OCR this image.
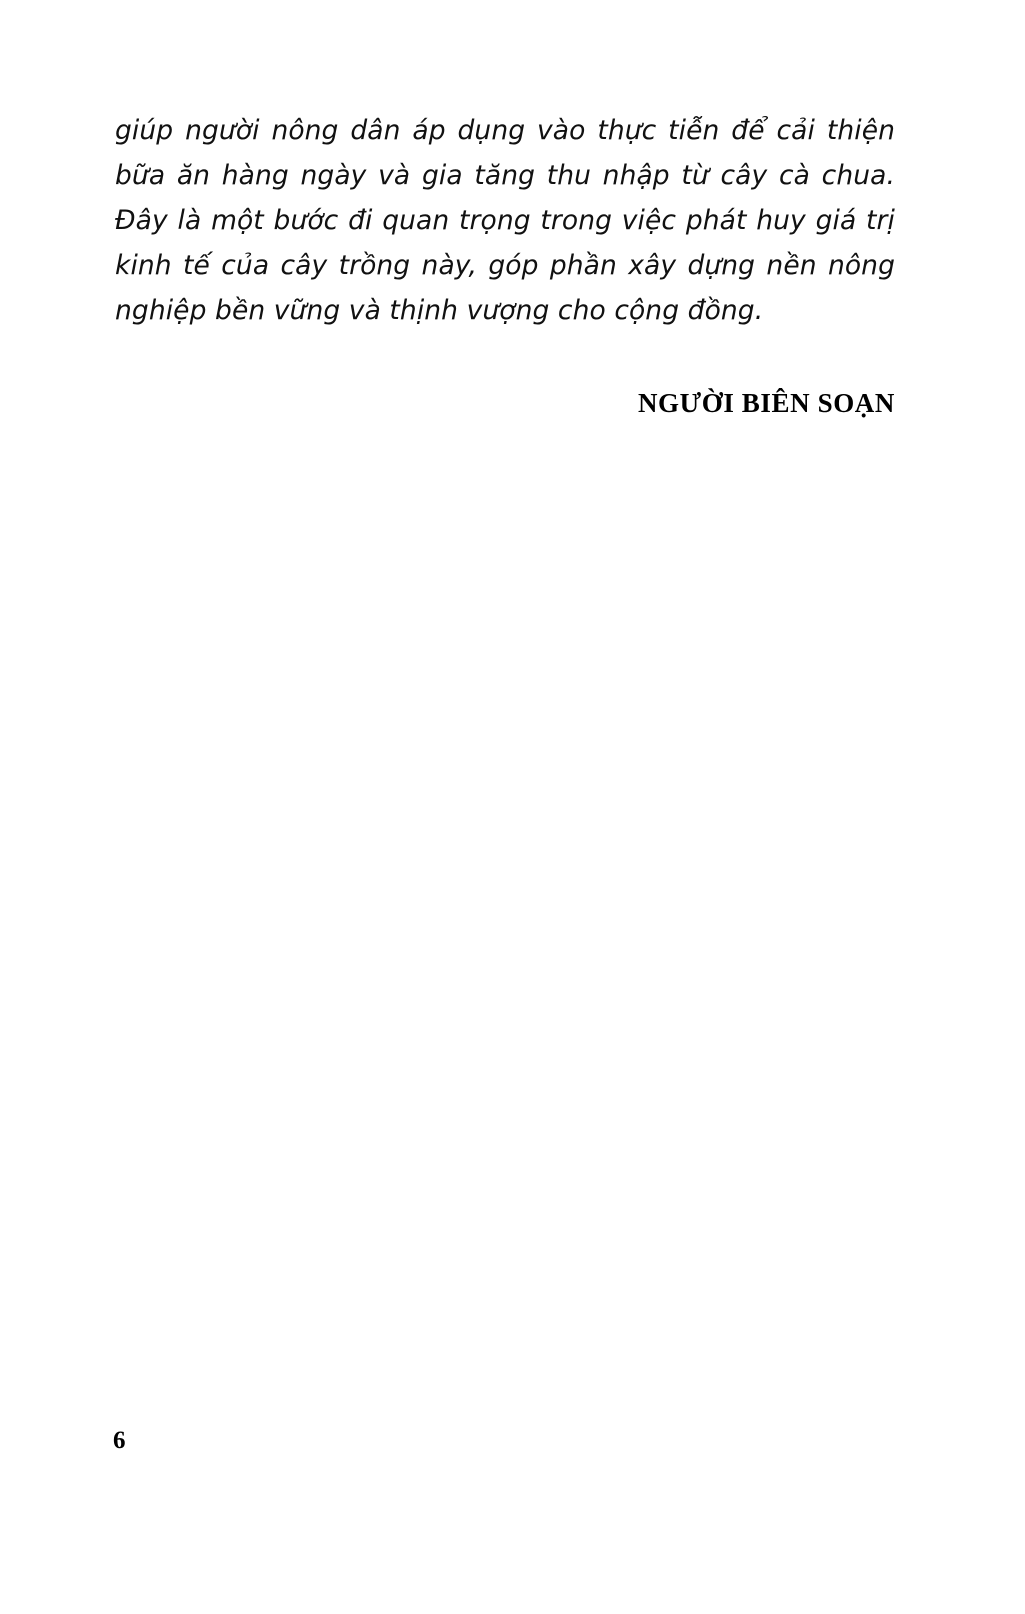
giúp người nông dân áp dụng vào thực tiễn để cải thiện bữa ăn hàng ngày và gia tăng thu nhập từ cây cà chua. Đây là một bước đi quan trọng trong việc phát huy giá trị kinh tế của cây trồng này, góp phần xây dựng nền nông nghiệp bền vững và thịnh vượng cho cộng đồng.

NGƯỜI BIÊN SOẠN
6
